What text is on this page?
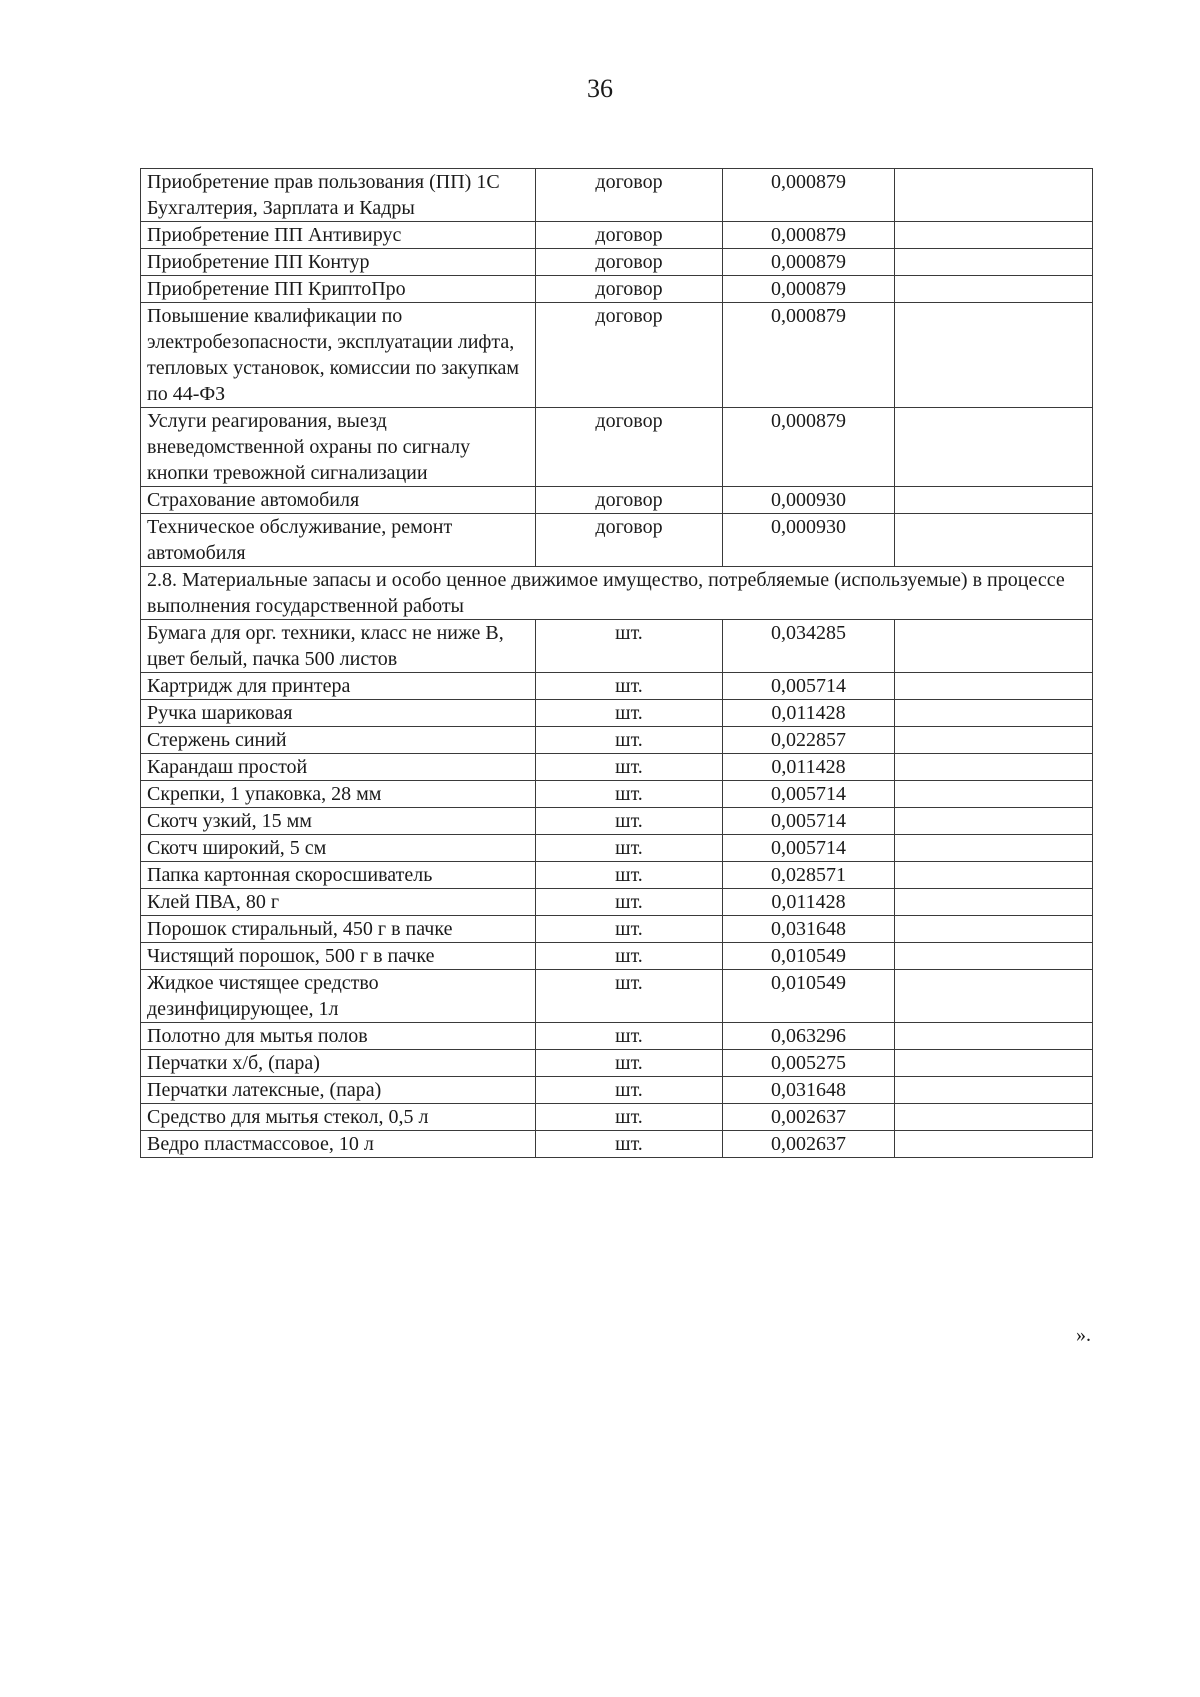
36
Приобретение прав пользования (ПП) 1С Бухгалтерия, Зарплата и Кадры	договор	0,000879	
Приобретение ПП Антивирус	договор	0,000879	
Приобретение ПП Контур	договор	0,000879	
Приобретение ПП КриптоПро	договор	0,000879	
Повышение квалификации по электробезопасности, эксплуатации лифта, тепловых установок, комиссии по закупкам по 44-ФЗ	договор	0,000879	
Услуги реагирования, выезд вневедомственной охраны по сигналу кнопки тревожной сигнализации	договор	0,000879	
Страхование автомобиля	договор	0,000930	
Техническое обслуживание, ремонт автомобиля	договор	0,000930	
2.8. Материальные запасы и особо ценное движимое имущество, потребляемые (используемые) в процессе выполнения государственной работы			
Бумага для орг. техники, класс не ниже В, цвет белый, пачка 500 листов	шт.	0,034285	
Картридж для принтера	шт.	0,005714	
Ручка шариковая	шт.	0,011428	
Стержень синий	шт.	0,022857	
Карандаш простой	шт.	0,011428	
Скрепки, 1 упаковка, 28 мм	шт.	0,005714	
Скотч узкий, 15 мм	шт.	0,005714	
Скотч широкий, 5 см	шт.	0,005714	
Папка картонная скоросшиватель	шт.	0,028571	
Клей ПВА, 80 г	шт.	0,011428	
Порошок стиральный, 450 г в пачке	шт.	0,031648	
Чистящий порошок, 500 г в пачке	шт.	0,010549	
Жидкое чистящее средство дезинфицирующее, 1л	шт.	0,010549	
Полотно для мытья полов	шт.	0,063296	
Перчатки х/б, (пара)	шт.	0,005275	
Перчатки латексные, (пара)	шт.	0,031648	
Средство для мытья стекол, 0,5 л	шт.	0,002637	
Ведро пластмассовое, 10 л	шт.	0,002637	
».
